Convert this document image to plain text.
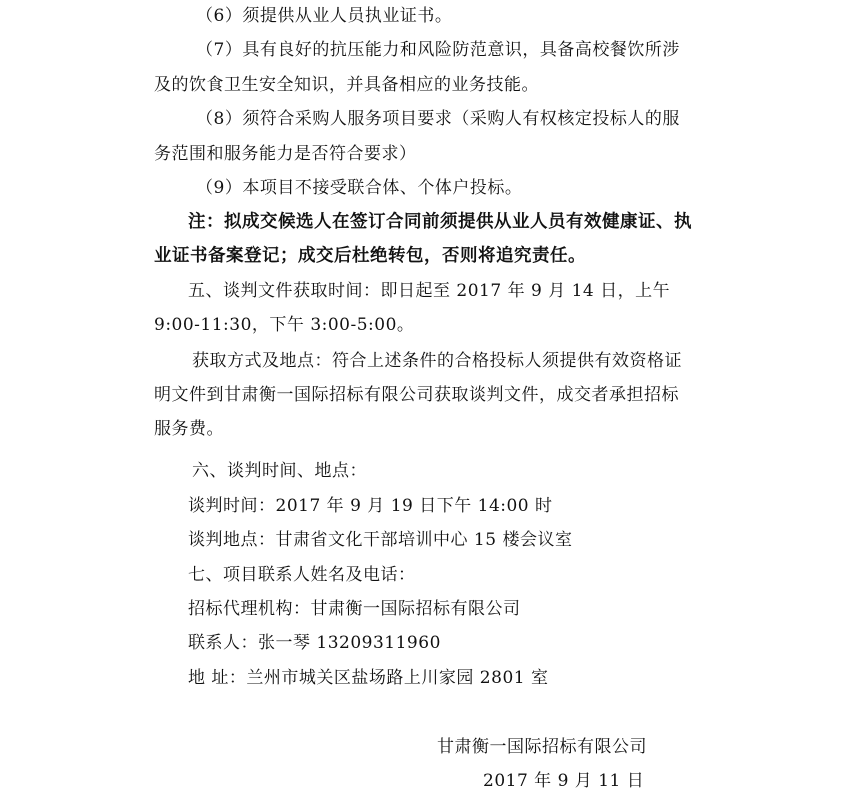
（6）须提供从业人员执业证书。
（7）具有良好的抗压能力和风险防范意识，具备高校餐饮所涉
及的饮食卫生安全知识，并具备相应的业务技能。
（8）须符合采购人服务项目要求（采购人有权核定投标人的服
务范围和服务能力是否符合要求）
（9）本项目不接受联合体、个体户投标。
注：拟成交候选人在签订合同前须提供从业人员有效健康证、执
业证书备案登记；成交后杜绝转包，否则将追究责任。
五、谈判文件获取时间：即日起至 2017 年 9 月 14 日，上午
9:00-11:30，下午 3:00-5:00。
获取方式及地点：符合上述条件的合格投标人须提供有效资格证
明文件到甘肃衡一国际招标有限公司获取谈判文件，成交者承担招标
服务费。
六、谈判时间、地点：
谈判时间：2017 年 9 月 19 日下午 14:00 时
谈判地点：甘肃省文化干部培训中心 15 楼会议室
七、项目联系人姓名及电话：
招标代理机构：甘肃衡一国际招标有限公司
联系人：张一琴 13209311960
地 址：兰州市城关区盐场路上川家园 2801 室
甘肃衡一国际招标有限公司
2017 年 9 月 11 日
